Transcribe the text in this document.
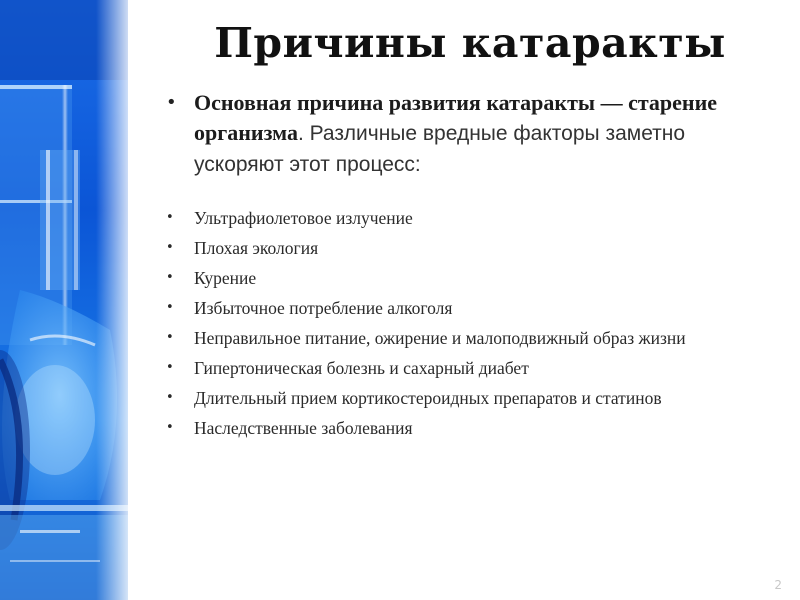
Причины катаракты

• Основная причина развития катаракты — старение организма. Различные вредные факторы заметно ускоряют этот процесс:

• Ультрафиолетовое излучение
• Плохая экология
• Курение
• Избыточное потребление алкоголя
• Неправильное питание, ожирение и малоподвижный образ жизни
• Гипертоническая болезнь и сахарный диабет
• Длительный прием кортикостероидных препаратов и статинов
• Наследственные заболевания
2
